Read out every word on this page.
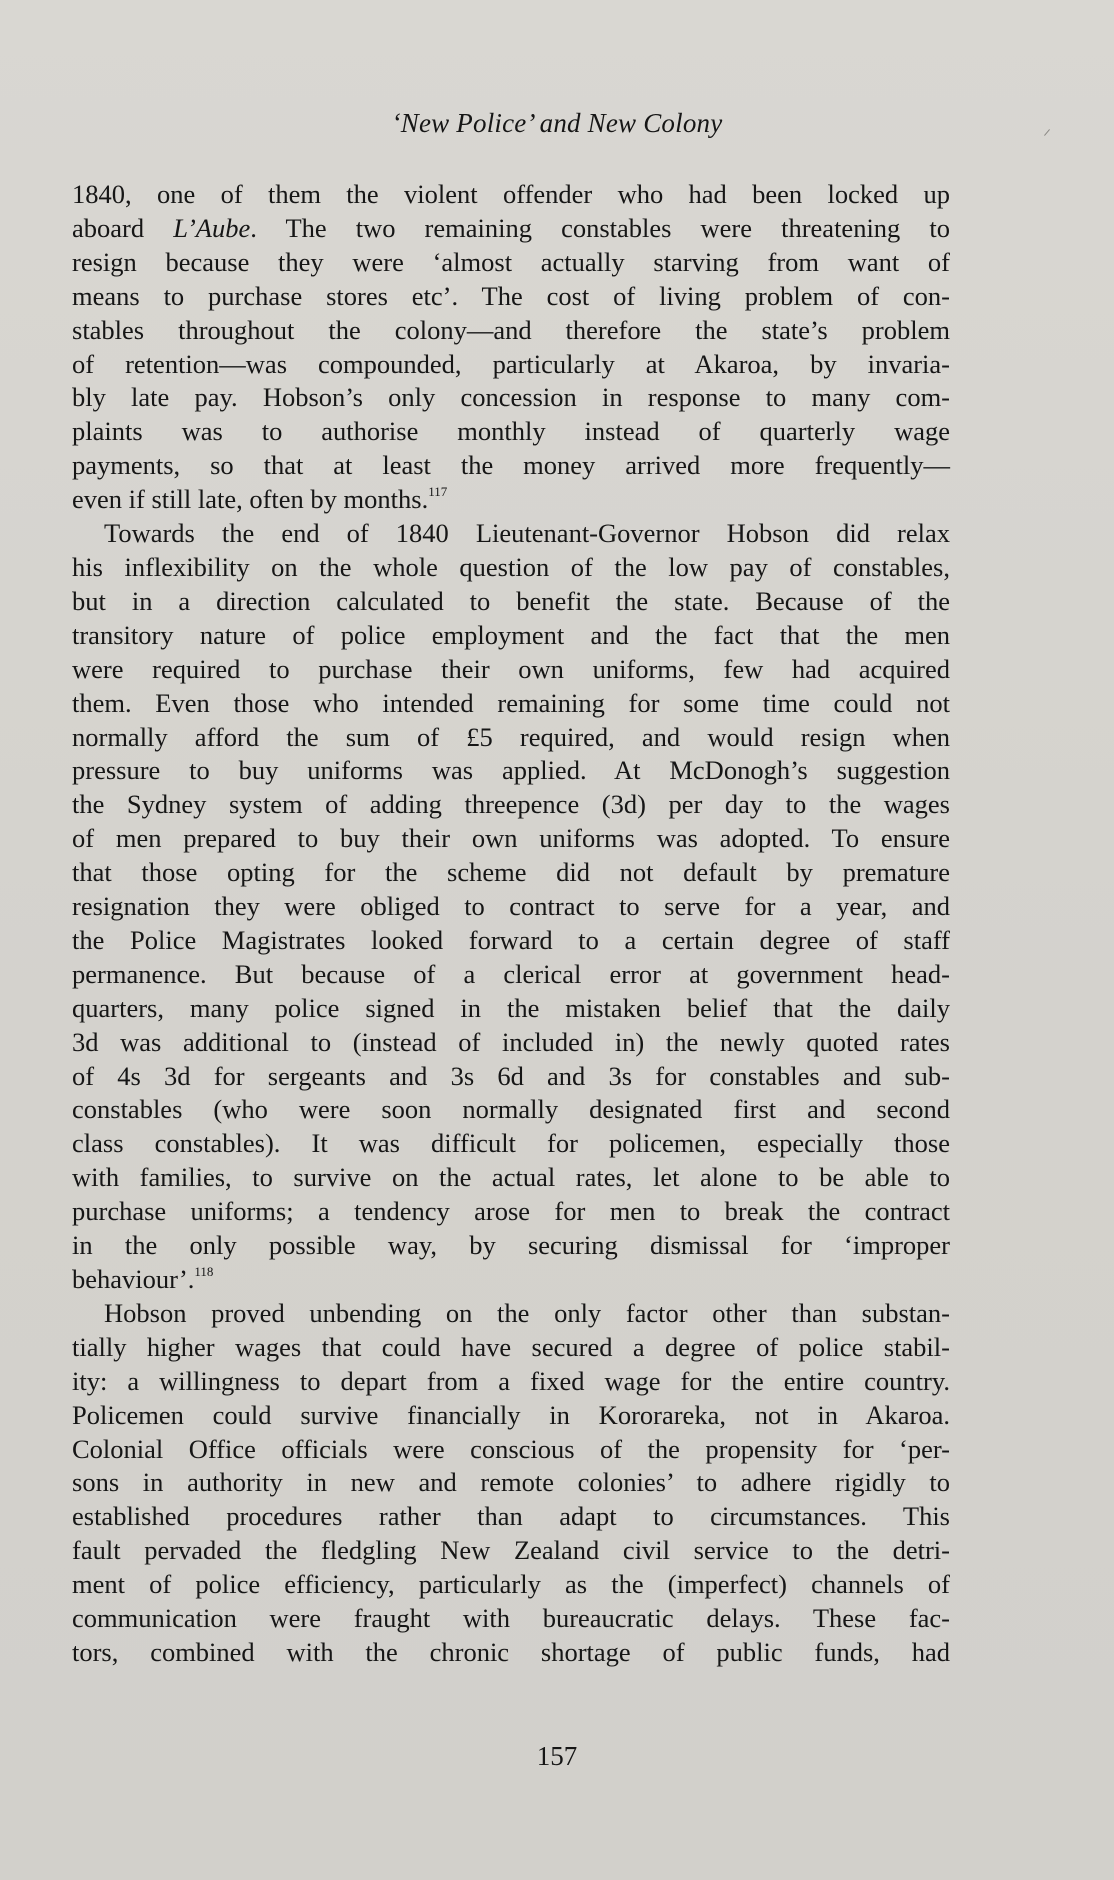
‘New Police’ and New Colony
1840, one of them the violent offender who had been locked up
aboard L’Aube. The two remaining constables were threatening to
resign because they were ‘almost actually starving from want of
means to purchase stores etc’. The cost of living problem of con-
stables throughout the colony—and therefore the state’s problem
of retention—was compounded, particularly at Akaroa, by invaria-
bly late pay. Hobson’s only concession in response to many com-
plaints was to authorise monthly instead of quarterly wage
payments, so that at least the money arrived more frequently—
even if still late, often by months.$^{117}$
Towards the end of 1840 Lieutenant-Governor Hobson did relax
his inflexibility on the whole question of the low pay of constables,
but in a direction calculated to benefit the state. Because of the
transitory nature of police employment and the fact that the men
were required to purchase their own uniforms, few had acquired
them. Even those who intended remaining for some time could not
normally afford the sum of £5 required, and would resign when
pressure to buy uniforms was applied. At McDonogh’s suggestion
the Sydney system of adding threepence (3d) per day to the wages
of men prepared to buy their own uniforms was adopted. To ensure
that those opting for the scheme did not default by premature
resignation they were obliged to contract to serve for a year, and
the Police Magistrates looked forward to a certain degree of staff
permanence. But because of a clerical error at government head-
quarters, many police signed in the mistaken belief that the daily
3d was additional to (instead of included in) the newly quoted rates
of 4s 3d for sergeants and 3s 6d and 3s for constables and sub-
constables (who were soon normally designated first and second
class constables). It was difficult for policemen, especially those
with families, to survive on the actual rates, let alone to be able to
purchase uniforms; a tendency arose for men to break the contract
in the only possible way, by securing dismissal for ‘improper
behaviour’.$^{118}$
Hobson proved unbending on the only factor other than substan-
tially higher wages that could have secured a degree of police stabil-
ity: a willingness to depart from a fixed wage for the entire country.
Policemen could survive financially in Kororareka, not in Akaroa.
Colonial Office officials were conscious of the propensity for ‘per-
sons in authority in new and remote colonies’ to adhere rigidly to
established procedures rather than adapt to circumstances. This
fault pervaded the fledgling New Zealand civil service to the detri-
ment of police efficiency, particularly as the (imperfect) channels of
communication were fraught with bureaucratic delays. These fac-
tors, combined with the chronic shortage of public funds, had
157
